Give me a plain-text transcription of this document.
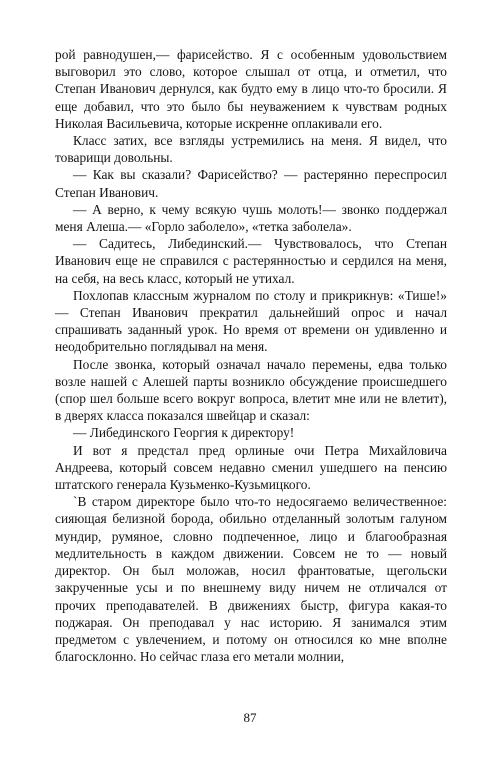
рой равнодушен,— фарисейство. Я с особенным удовольствием выговорил это слово, которое слышал от отца, и отметил, что Степан Иванович дернулся, как будто ему в лицо что-то бросили. Я еще добавил, что это было бы неуважением к чувствам родных Николая Васильевича, которые искренне оплакивали его.

Класс затих, все взгляды устремились на меня. Я видел, что товарищи довольны.

— Как вы сказали? Фарисейство? — растерянно переспросил Степан Иванович.

— А верно, к чему всякую чушь молоть!— звонко поддержал меня Алеша.— «Горло заболело», «тетка заболела».

— Садитесь, Либединский.— Чувствовалось, что Степан Иванович еще не справился с растерянностью и сердился на меня, на себя, на весь класс, который не утихал.

Похлопав классным журналом по столу и прикрикнув: «Тише!» — Степан Иванович прекратил дальнейший опрос и начал спрашивать заданный урок. Но время от времени он удивленно и неодобрительно поглядывал на меня.

После звонка, который означал начало перемены, едва только возле нашей с Алешей парты возникло обсуждение происшедшего (спор шел больше всего вокруг вопроса, влетит мне или не влетит), в дверях класса показался швейцар и сказал:

— Либединского Георгия к директору!

И вот я предстал пред орлиные очи Петра Михайловича Андреева, который совсем недавно сменил ушедшего на пенсию штатского генерала Кузьменко-Кузьмицкого.

`В старом директоре было что-то недосягаемо величественное: сияющая белизной борода, обильно отделанный золотым галуном мундир, румяное, словно подпеченное, лицо и благообразная медлительность в каждом движении. Совсем не то — новый директор. Он был моложав, носил франтоватые, щегольски закрученные усы и по внешнему виду ничем не отличался от прочих преподавателей. В движениях быстр, фигура какая-то поджарая. Он преподавал у нас историю. Я занимался этим предметом с увлечением, и потому он относился ко мне вполне благосклонно. Но сейчас глаза его метали молнии,

87
